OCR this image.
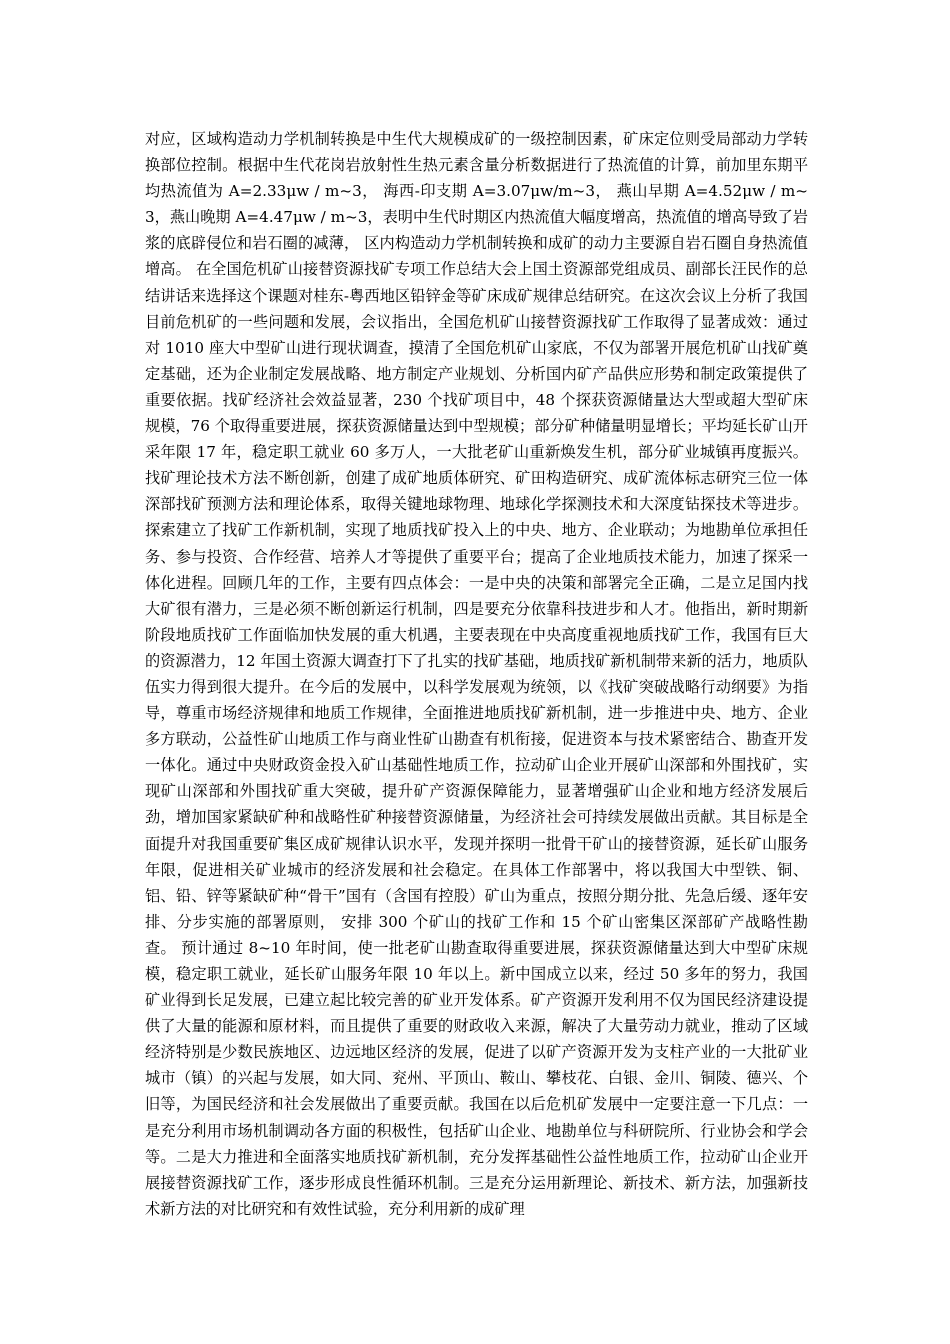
对应，区域构造动力学机制转换是中生代大规模成矿的一级控制因素，矿床定位则受局部动力学转换部位控制。根据中生代花岗岩放射性生热元素含量分析数据进行了热流值的计算，前加里东期平均热流值为 A=2.33μw / m~3， 海西-印支期 A=3.07μw/m~3， 燕山早期 A=4.52μw / m~3，燕山晚期 A=4.47μw / m~3，表明中生代时期区内热流值大幅度增高，热流值的增高导致了岩浆的底辟侵位和岩石圈的减薄， 区内构造动力学机制转换和成矿的动力主要源自岩石圈自身热流值增高。 在全国危机矿山接替资源找矿专项工作总结大会上国土资源部党组成员、副部长汪民作的总结讲话来选择这个课题对桂东-粤西地区铅锌金等矿床成矿规律总结研究。在这次会议上分析了我国目前危机矿的一些问题和发展，会议指出，全国危机矿山接替资源找矿工作取得了显著成效：通过对 1010 座大中型矿山进行现状调查，摸清了全国危机矿山家底，不仅为部署开展危机矿山找矿奠定基础，还为企业制定发展战略、地方制定产业规划、分析国内矿产品供应形势和制定政策提供了重要依据。找矿经济社会效益显著，230 个找矿项目中，48 个探获资源储量达大型或超大型矿床规模，76 个取得重要进展，探获资源储量达到中型规模；部分矿种储量明显增长；平均延长矿山开采年限 17 年，稳定职工就业 60 多万人，一大批老矿山重新焕发生机，部分矿业城镇再度振兴。找矿理论技术方法不断创新，创建了成矿地质体研究、矿田构造研究、成矿流体标志研究三位一体深部找矿预测方法和理论体系，取得关键地球物理、地球化学探测技术和大深度钻探技术等进步。探索建立了找矿工作新机制，实现了地质找矿投入上的中央、地方、企业联动；为地勘单位承担任务、参与投资、合作经营、培养人才等提供了重要平台；提高了企业地质技术能力，加速了探采一体化进程。回顾几年的工作，主要有四点体会：一是中央的决策和部署完全正确，二是立足国内找大矿很有潜力，三是必须不断创新运行机制，四是要充分依靠科技进步和人才。他指出，新时期新阶段地质找矿工作面临加快发展的重大机遇，主要表现在中央高度重视地质找矿工作，我国有巨大的资源潜力，12 年国土资源大调查打下了扎实的找矿基础，地质找矿新机制带来新的活力，地质队伍实力得到很大提升。在今后的发展中，以科学发展观为统领，以《找矿突破战略行动纲要》为指导，尊重市场经济规律和地质工作规律，全面推进地质找矿新机制，进一步推进中央、地方、企业多方联动，公益性矿山地质工作与商业性矿山勘查有机衔接，促进资本与技术紧密结合、勘查开发一体化。通过中央财政资金投入矿山基础性地质工作，拉动矿山企业开展矿山深部和外围找矿，实现矿山深部和外围找矿重大突破，提升矿产资源保障能力，显著增强矿山企业和地方经济发展后劲，增加国家紧缺矿种和战略性矿种接替资源储量，为经济社会可持续发展做出贡献。其目标是全面提升对我国重要矿集区成矿规律认识水平，发现并探明一批骨干矿山的接替资源，延长矿山服务年限，促进相关矿业城市的经济发展和社会稳定。在具体工作部署中，将以我国大中型铁、铜、铝、铅、锌等紧缺矿种“骨干”国有（含国有控股）矿山为重点，按照分期分批、先急后缓、逐年安排、分步实施的部署原则， 安排 300 个矿山的找矿工作和 15 个矿山密集区深部矿产战略性勘查。 预计通过 8~10 年时间，使一批老矿山勘查取得重要进展，探获资源储量达到大中型矿床规模，稳定职工就业，延长矿山服务年限 10 年以上。新中国成立以来，经过 50 多年的努力，我国矿业得到长足发展，已建立起比较完善的矿业开发体系。矿产资源开发利用不仅为国民经济建设提供了大量的能源和原材料，而且提供了重要的财政收入来源，解决了大量劳动力就业，推动了区域经济特别是少数民族地区、边远地区经济的发展，促进了以矿产资源开发为支柱产业的一大批矿业城市（镇）的兴起与发展，如大同、兖州、平顶山、鞍山、攀枝花、白银、金川、铜陵、德兴、个旧等，为国民经济和社会发展做出了重要贡献。我国在以后危机矿发展中一定要注意一下几点：一是充分利用市场机制调动各方面的积极性，包括矿山企业、地勘单位与科研院所、行业协会和学会等。二是大力推进和全面落实地质找矿新机制，充分发挥基础性公益性地质工作，拉动矿山企业开展接替资源找矿工作，逐步形成良性循环机制。三是充分运用新理论、新技术、新方法，加强新技术新方法的对比研究和有效性试验，充分利用新的成矿理
